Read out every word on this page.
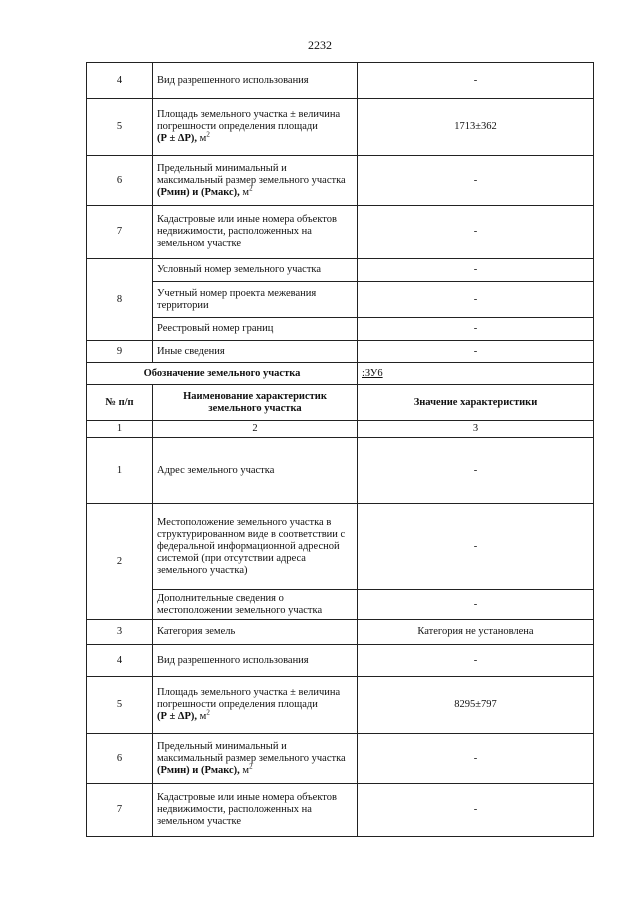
2232
4	Вид разрешенного использования	-
5	Площадь земельного участка ± величина погрешности определения площади
(Р ± ΔР), $м^2$	1713±362
6	Предельный минимальный и максимальный размер земельного участка (Рмин) и (Рмакс), $м^2$	-
7	Кадастровые или иные номера объектов недвижимости, расположенных на земельном участке	-
8	Условный номер земельного участка	-
	Учетный номер проекта межевания территории	-
	Реестровый номер границ	-
9	Иные сведения	-
Обозначение земельного участка		:ЗУ6
№ п/п	Наименование характеристик земельного участка	Значение характеристики
1	2	3
1	Адрес земельного участка	-
2	Местоположение земельного участка в структурированном виде в соответствии с федеральной информационной адресной системой (при отсутствии адреса земельного участка)	-
	Дополнительные сведения о местоположении земельного участка	-
3	Категория земель	Категория не установлена
4	Вид разрешенного использования	-
5	Площадь земельного участка ± величина погрешности определения площади
(Р ± ΔР), $м^2$	8295±797
6	Предельный минимальный и максимальный размер земельного участка (Рмин) и (Рмакс), $м^2$	-
7	Кадастровые или иные номера объектов недвижимости, расположенных на земельном участке	-
